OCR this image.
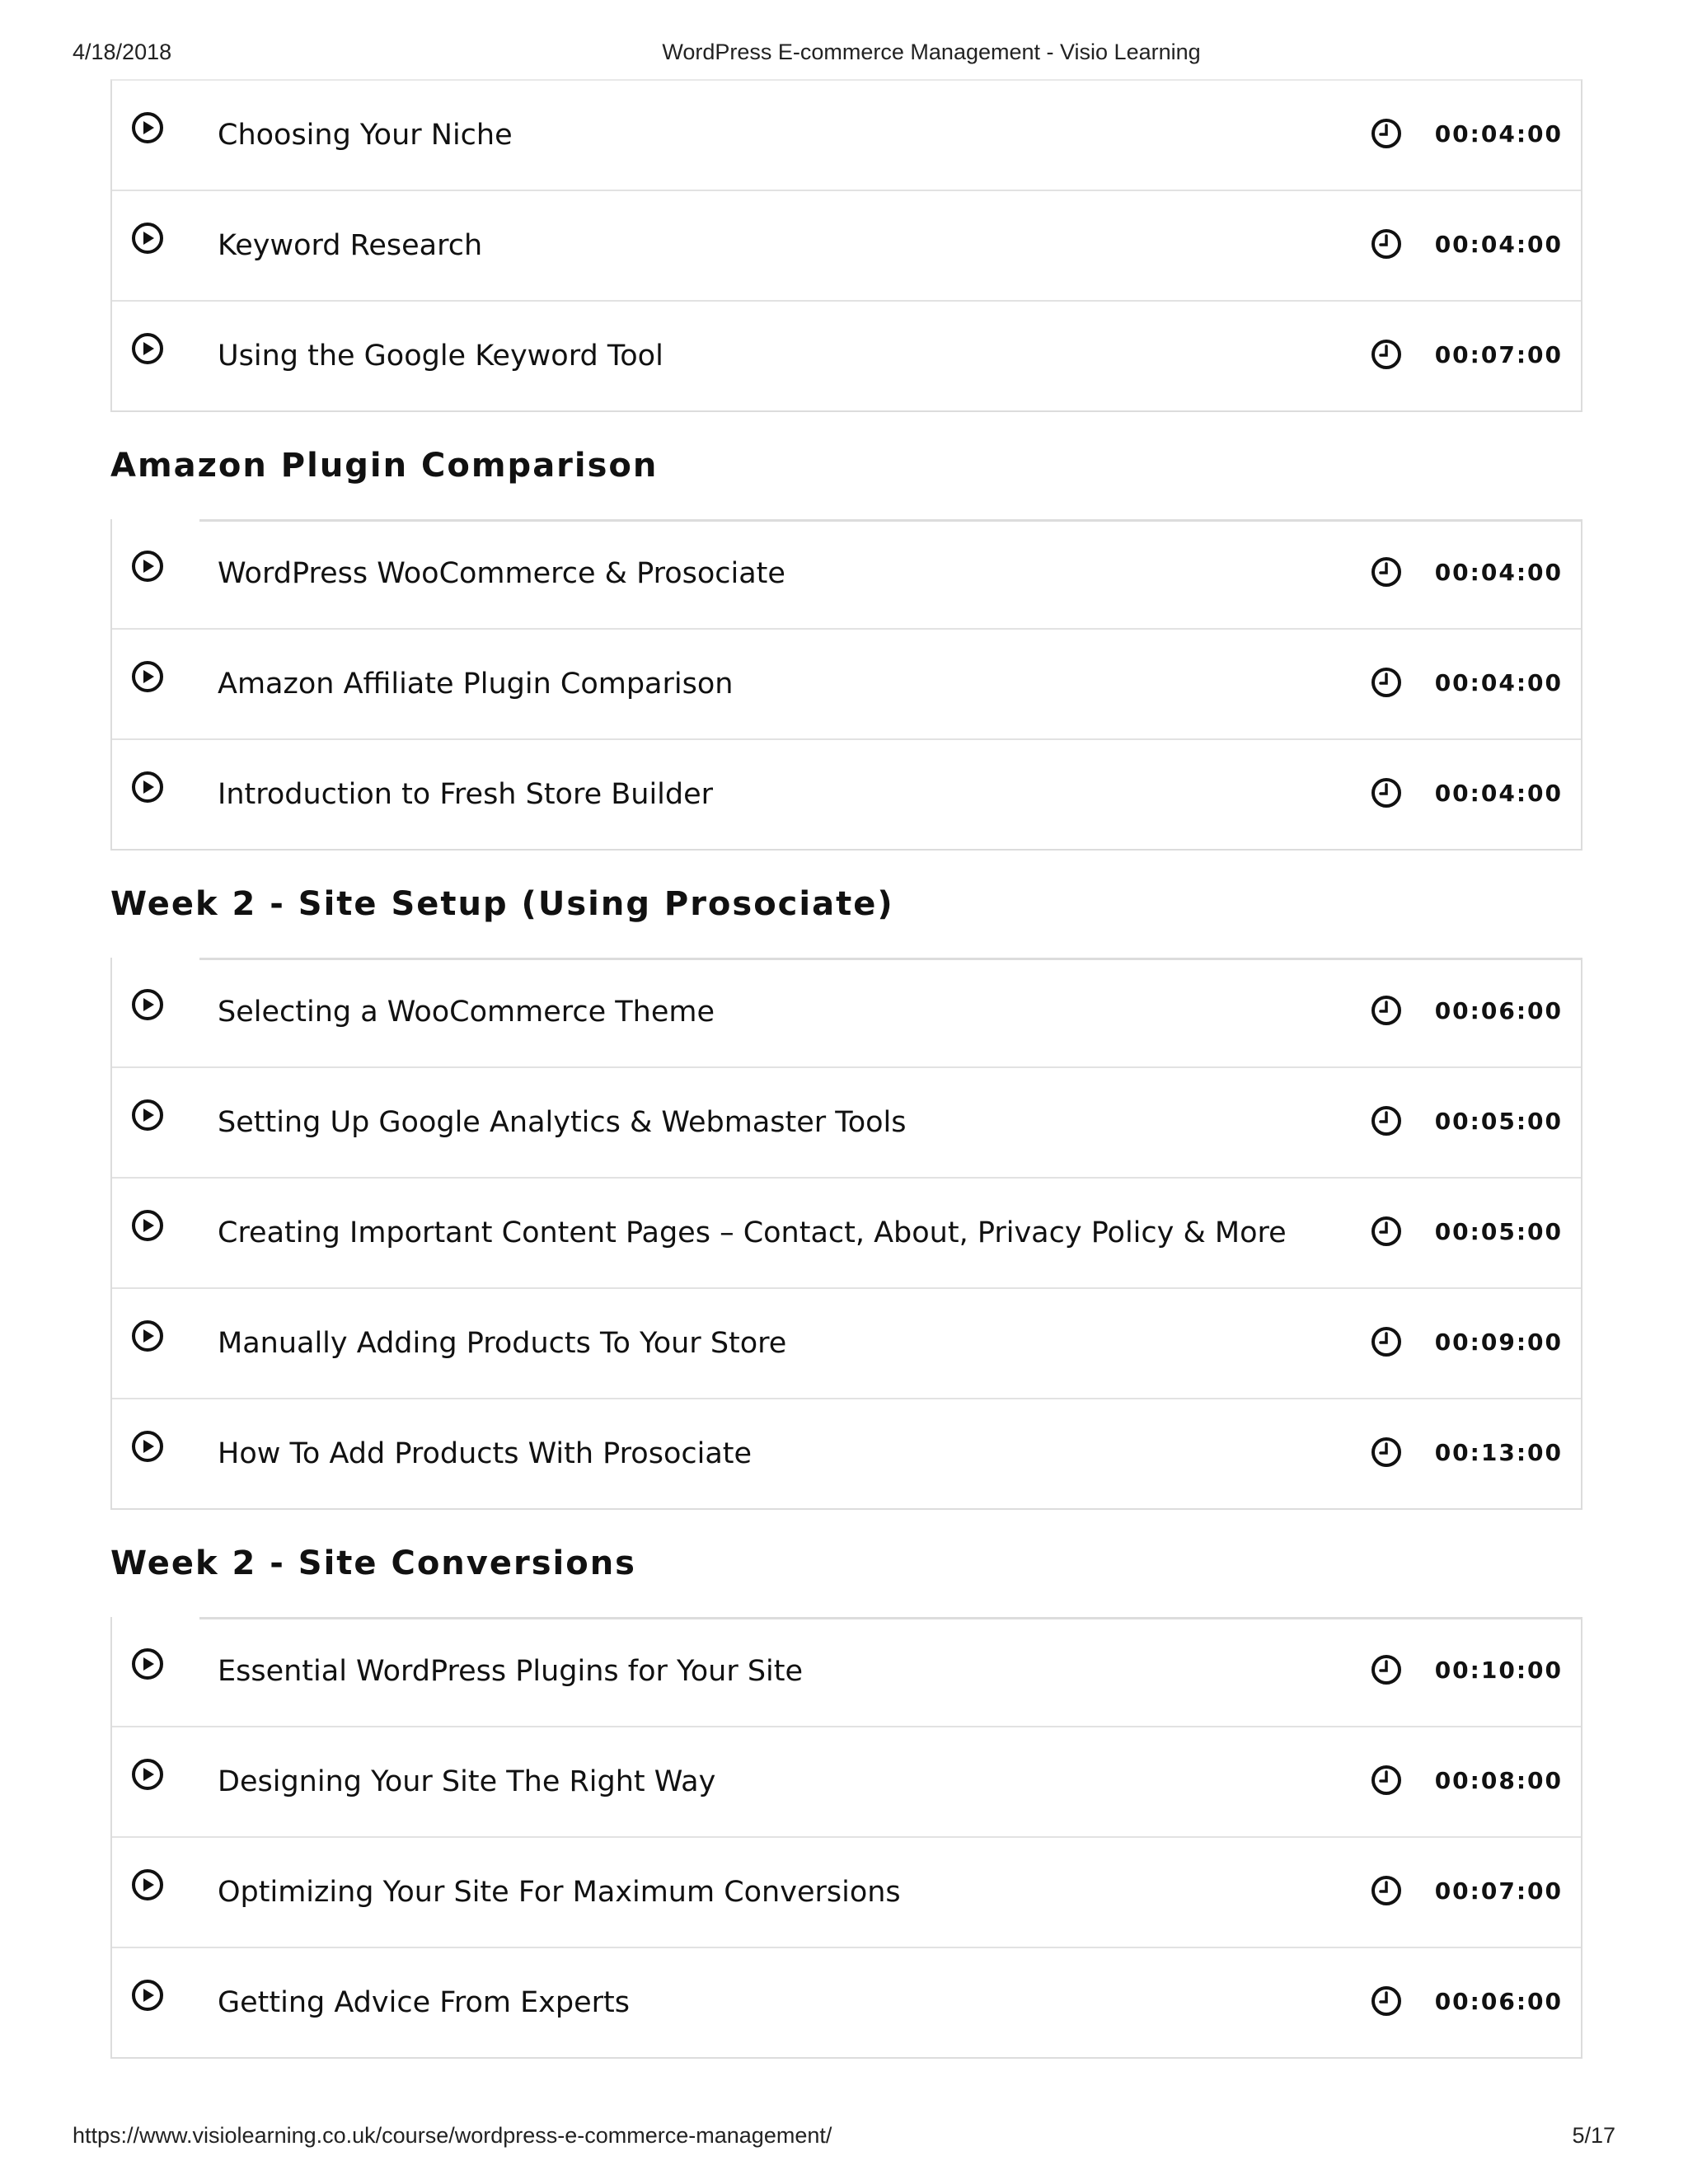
4/18/2018	WordPress E-commerce Management - Visio Learning
Choosing Your Niche	00:04:00
Keyword Research	00:04:00
Using the Google Keyword Tool	00:07:00
Amazon Plugin Comparison
WordPress WooCommerce & Prosociate	00:04:00
Amazon Affiliate Plugin Comparison	00:04:00
Introduction to Fresh Store Builder	00:04:00
Week 2 - Site Setup (Using Prosociate)
Selecting a WooCommerce Theme	00:06:00
Setting Up Google Analytics & Webmaster Tools	00:05:00
Creating Important Content Pages – Contact, About, Privacy Policy & More	00:05:00
Manually Adding Products To Your Store	00:09:00
How To Add Products With Prosociate	00:13:00
Week 2 - Site Conversions
Essential WordPress Plugins for Your Site	00:10:00
Designing Your Site The Right Way	00:08:00
Optimizing Your Site For Maximum Conversions	00:07:00
Getting Advice From Experts	00:06:00
https://www.visiolearning.co.uk/course/wordpress-e-commerce-management/	5/17
